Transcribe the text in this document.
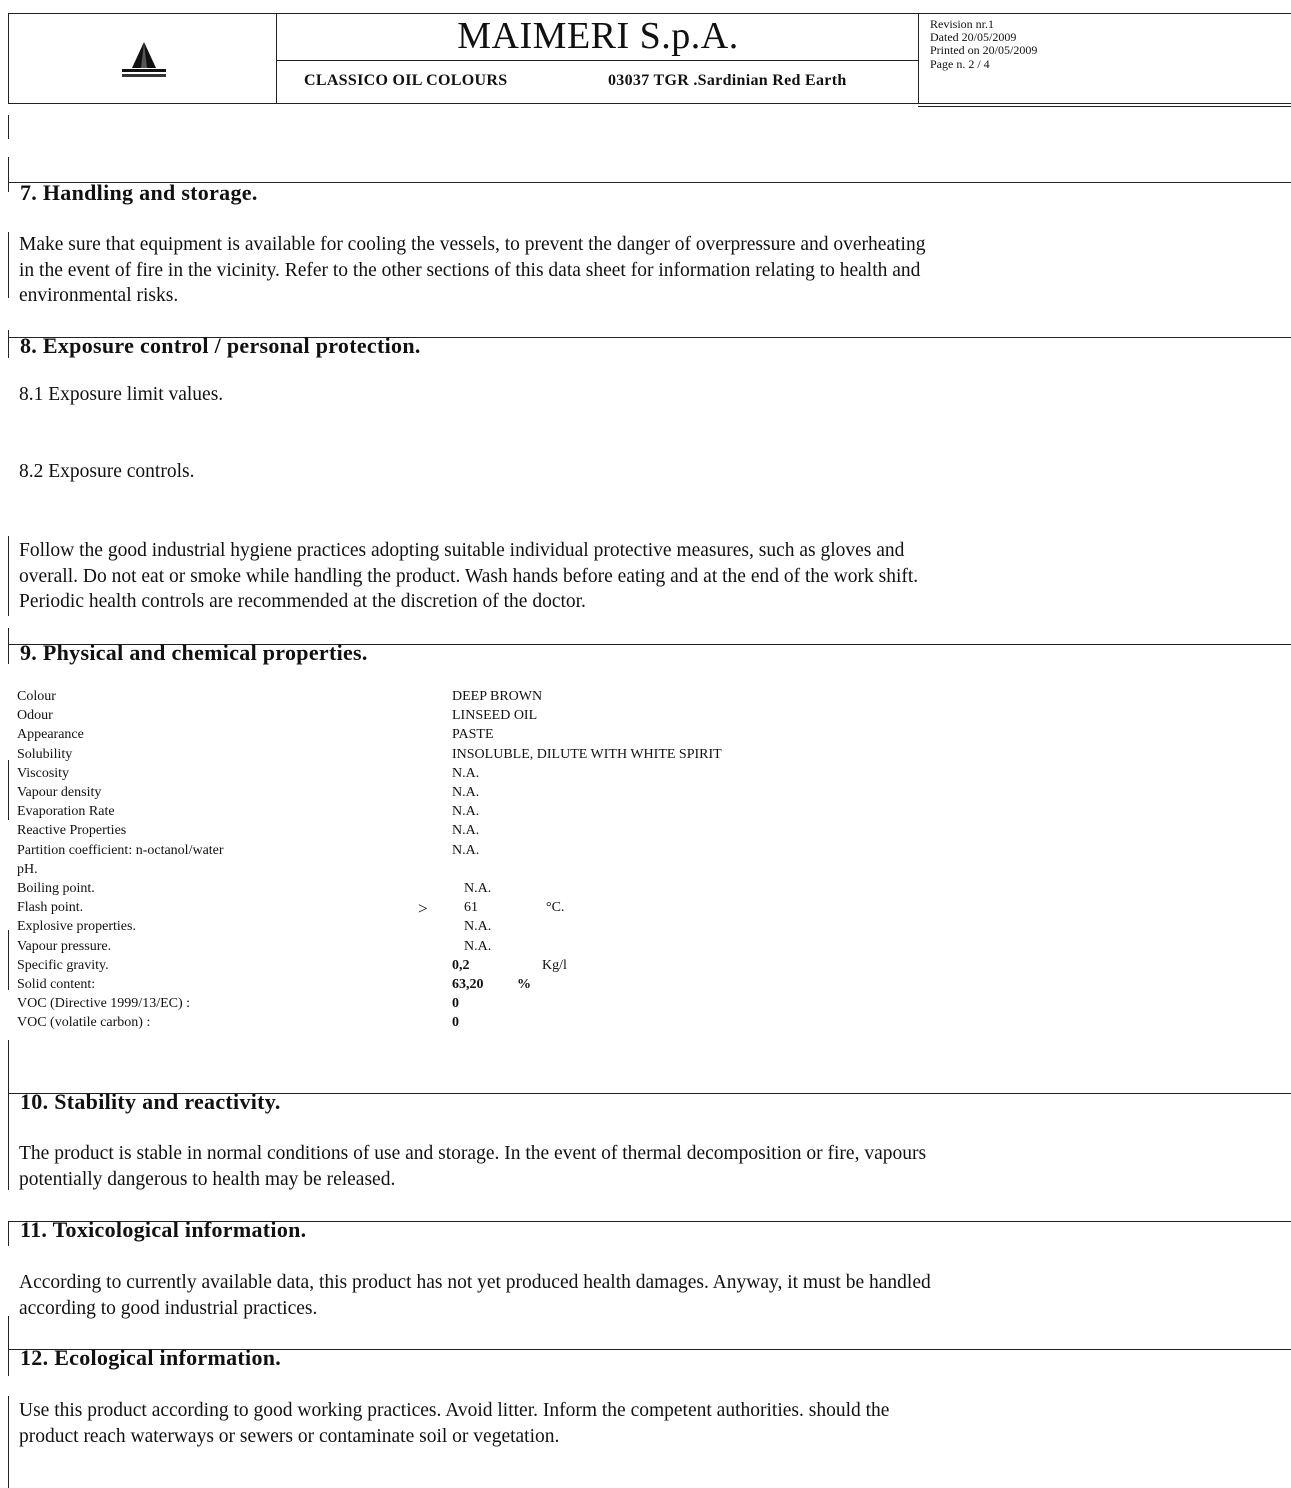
MAIMERI S.p.A.
CLASSICO OIL COLOURS	03037 TGR .Sardinian Red Earth
Revision nr.1
Dated 20/05/2009
Printed on 20/05/2009
Page n. 2 / 4
7. Handling and storage.
Make sure that equipment is available for cooling the vessels, to prevent the danger of overpressure and overheating
in the event of fire in the vicinity. Refer to the other sections of this data sheet for information relating to health and
environmental risks.
8. Exposure control / personal protection.
8.1 Exposure limit values.
8.2 Exposure controls.
Follow the good industrial hygiene practices adopting suitable individual protective measures, such as gloves and
overall. Do not eat or smoke while handling the product. Wash hands before eating and at the end of the work shift.
Periodic health controls are recommended at the discretion of the doctor.
9. Physical and chemical properties.
Colour	DEEP BROWN
Odour	LINSEED OIL
Appearance	PASTE
Solubility	INSOLUBLE, DILUTE WITH WHITE SPIRIT
Viscosity	N.A.
Vapour density	N.A.
Evaporation Rate	N.A.
Reactive Properties	N.A.
Partition coefficient: n-octanol/water	N.A.
pH.
Boiling point.	N.A.
Flash point.	>	61	°C.
Explosive properties.	N.A.
Vapour pressure.	N.A.
Specific gravity.	0,2	Kg/l
Solid content:	63,20 %
VOC (Directive 1999/13/EC) :	0
VOC (volatile carbon) :	0
10. Stability and reactivity.
The product is stable in normal conditions of use and storage. In the event of thermal decomposition or fire, vapours
potentially dangerous to health may be released.
11. Toxicological information.
According to currently available data, this product has not yet produced health damages. Anyway, it must be handled
according to good industrial practices.
12. Ecological information.
Use this product according to good working practices. Avoid litter. Inform the competent authorities. should the
product reach waterways or sewers or contaminate soil or vegetation.
